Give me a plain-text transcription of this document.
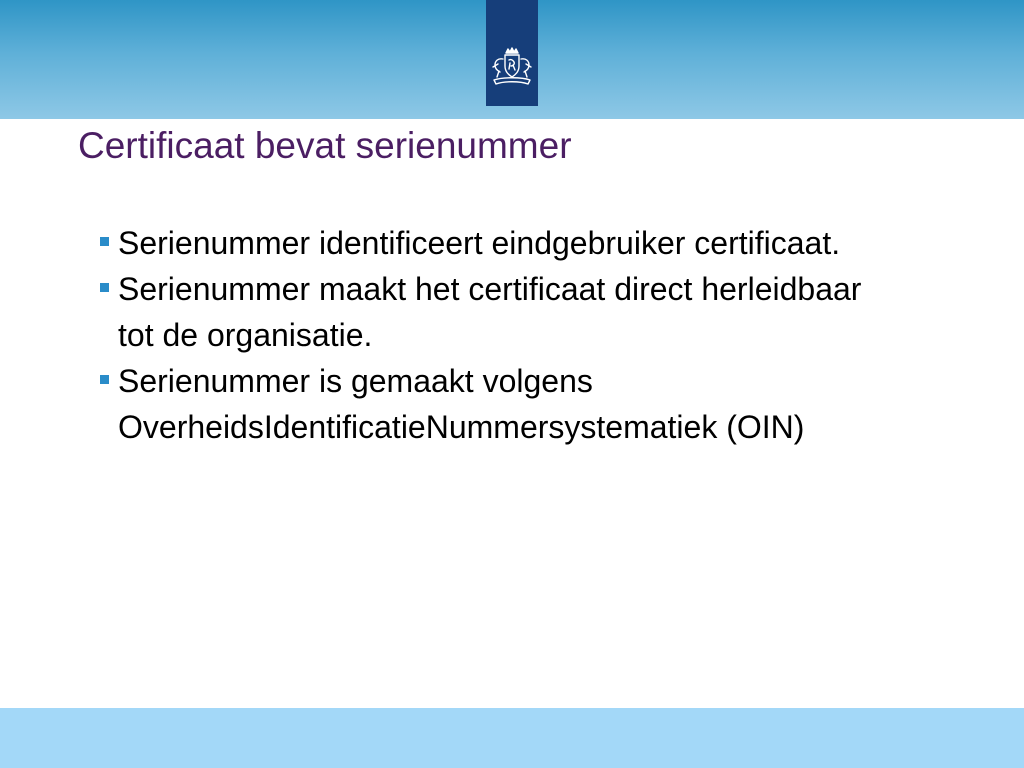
Certificaat bevat serienummer
Serienummer identificeert eindgebruiker certificaat.
Serienummer maakt het certificaat direct herleidbaar tot de organisatie.
Serienummer is gemaakt volgens OverheidsIdentificatieNummersystematiek (OIN)
